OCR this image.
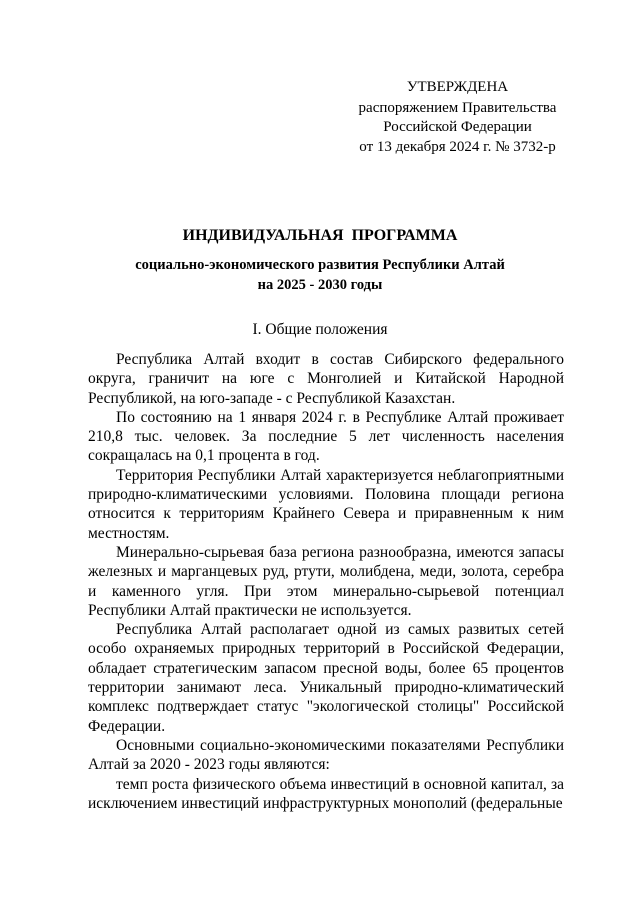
УТВЕРЖДЕНА
распоряжением Правительства
Российской Федерации
от 13 декабря 2024 г. № 3732-р
ИНДИВИДУАЛЬНАЯ  ПРОГРАММА
социально-экономического развития Республики Алтай
на 2025 - 2030 годы
I. Общие положения

Республика Алтай входит в состав Сибирского федерального округа, граничит на юге с Монголией и Китайской Народной Республикой, на юго-западе - с Республикой Казахстан.

По состоянию на 1 января 2024 г. в Республике Алтай проживает 210,8 тыс. человек. За последние 5 лет численность населения сокращалась на 0,1 процента в год.

Территория Республики Алтай характеризуется неблагоприятными природно-климатическими условиями. Половина площади региона относится к территориям Крайнего Севера и приравненным к ним местностям.

Минерально-сырьевая база региона разнообразна, имеются запасы железных и марганцевых руд, ртути, молибдена, меди, золота, серебра и каменного угля. При этом минерально-сырьевой потенциал Республики Алтай практически не используется.

Республика Алтай располагает одной из самых развитых сетей особо охраняемых природных территорий в Российской Федерации, обладает стратегическим запасом пресной воды, более 65 процентов территории занимают леса. Уникальный природно-климатический комплекс подтверждает статус "экологической столицы" Российской Федерации.

Основными социально-экономическими показателями Республики Алтай за 2020 - 2023 годы являются:

темп роста физического объема инвестиций в основной капитал, за исключением инвестиций инфраструктурных монополий (федеральные
